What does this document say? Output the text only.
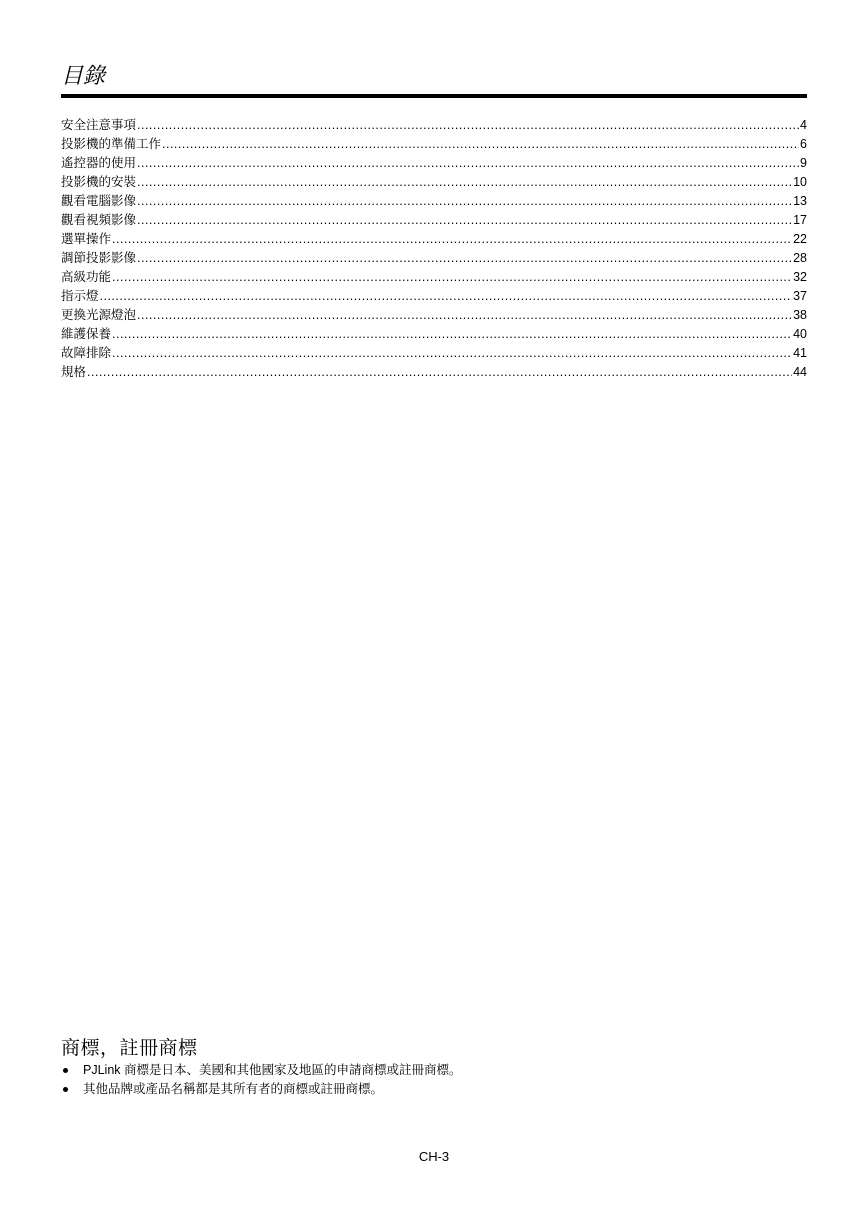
目錄
安全注意事項 .....	4
投影機的準備工作 .....	6
遙控器的使用 .....	9
投影機的安裝 .....	10
觀看電腦影像 .....	13
觀看視頻影像 .....	17
選單操作 .....	22
調節投影影像 .....	28
高級功能 .....	32
指示燈 .....	37
更換光源燈泡 .....	38
維護保養 .....	40
故障排除 .....	41
規格 .....	44
商標，註冊商標
PJLink 商標是日本、美國和其他國家及地區的申請商標或註冊商標。
其他品牌或產品名稱都是其所有者的商標或註冊商標。
CH-3
